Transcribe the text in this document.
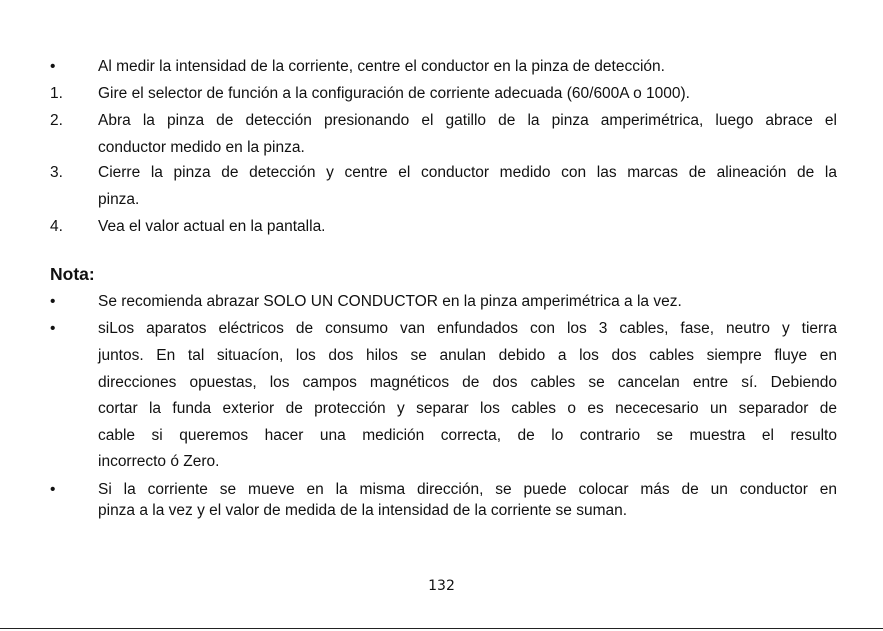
•	Al medir la intensidad de la corriente, centre el conductor en la pinza de detección.
1. Gire el selector de función a la configuración de corriente adecuada (60/600A o 1000).
2. Abra la pinza de detección presionando el gatillo de la pinza amperimétrica, luego abrace el
conductor medido en la pinza.
3. Cierre la pinza de detección y centre el conductor medido con las marcas de alineación de la
pinza.
4. Vea el valor actual en la pantalla.
Nota:
•	Se recomienda abrazar SOLO UN CONDUCTOR en la pinza amperimétrica a la vez.
•	siLos aparatos eléctricos de consumo van enfundados con los 3 cables, fase, neutro y tierra
juntos. En tal situacíon, los dos hilos se anulan debido a los dos cables siempre fluye en
direcciones opuestas, los campos magnéticos de dos cables se cancelan entre sí. Debiendo
cortar la funda exterior de protección y separar los cables o es nececesario un separador de
cable si queremos hacer una medición correcta, de lo contrario se muestra el resulto
incorrecto ó Zero.
•	Si la corriente se mueve en la misma dirección, se puede colocar más de un conductor en
pinza a la vez y el valor de medida de la intensidad de la corriente se suman.
132
